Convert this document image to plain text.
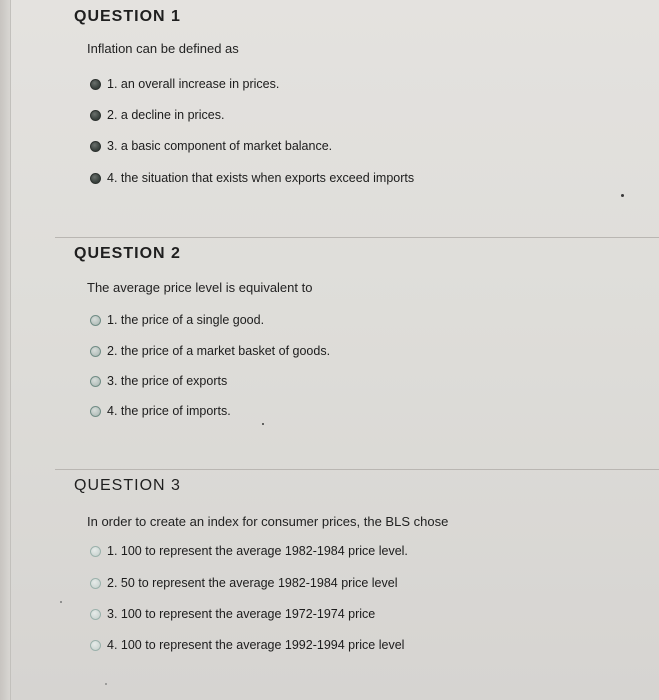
QUESTION 1
Inflation can be defined as
1. an overall increase in prices.
2. a decline in prices.
3. a basic component of market balance.
4. the situation that exists when exports exceed imports
QUESTION 2
The average price level is equivalent to
1. the price of a single good.
2. the price of a market basket of goods.
3. the price of exports
4. the price of imports.
QUESTION 3
In order to create an index for consumer prices, the BLS chose
1. 100 to represent the average 1982-1984 price level.
2. 50 to represent the average 1982-1984 price level
3. 100 to represent the average 1972-1974 price
4. 100 to represent the average 1992-1994 price level
